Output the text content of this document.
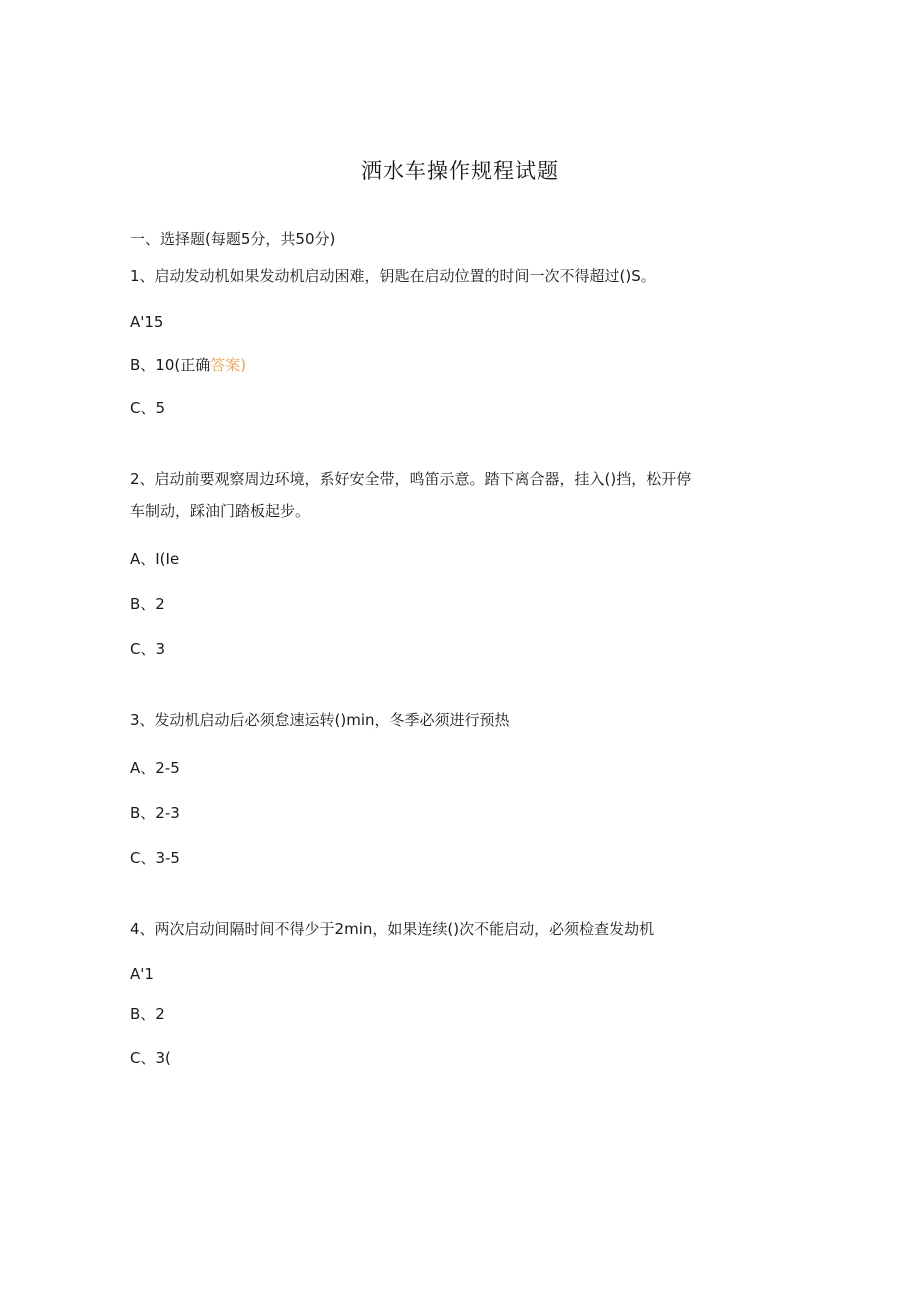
洒水车操作规程试题
一、选择题(每题5分，共50分)
1、启动发动机如果发动机启动困难，钥匙在启动位置的时间一次不得超过()S。
A'15
B、10(正确答案)
C、5
2、启动前要观察周边环境，系好安全带，鸣笛示意。踏下离合器，挂入()挡，松开停
车制动，踩油门踏板起步。
A、I(Ie
B、2
C、3
3、发动机启动后必须怠速运转()min，冬季必须进行预热
A、2-5
B、2-3
C、3-5
4、两次启动间隔时间不得少于2min，如果连续()次不能启动，必须检查发劫机
A'1
B、2
C、3(
